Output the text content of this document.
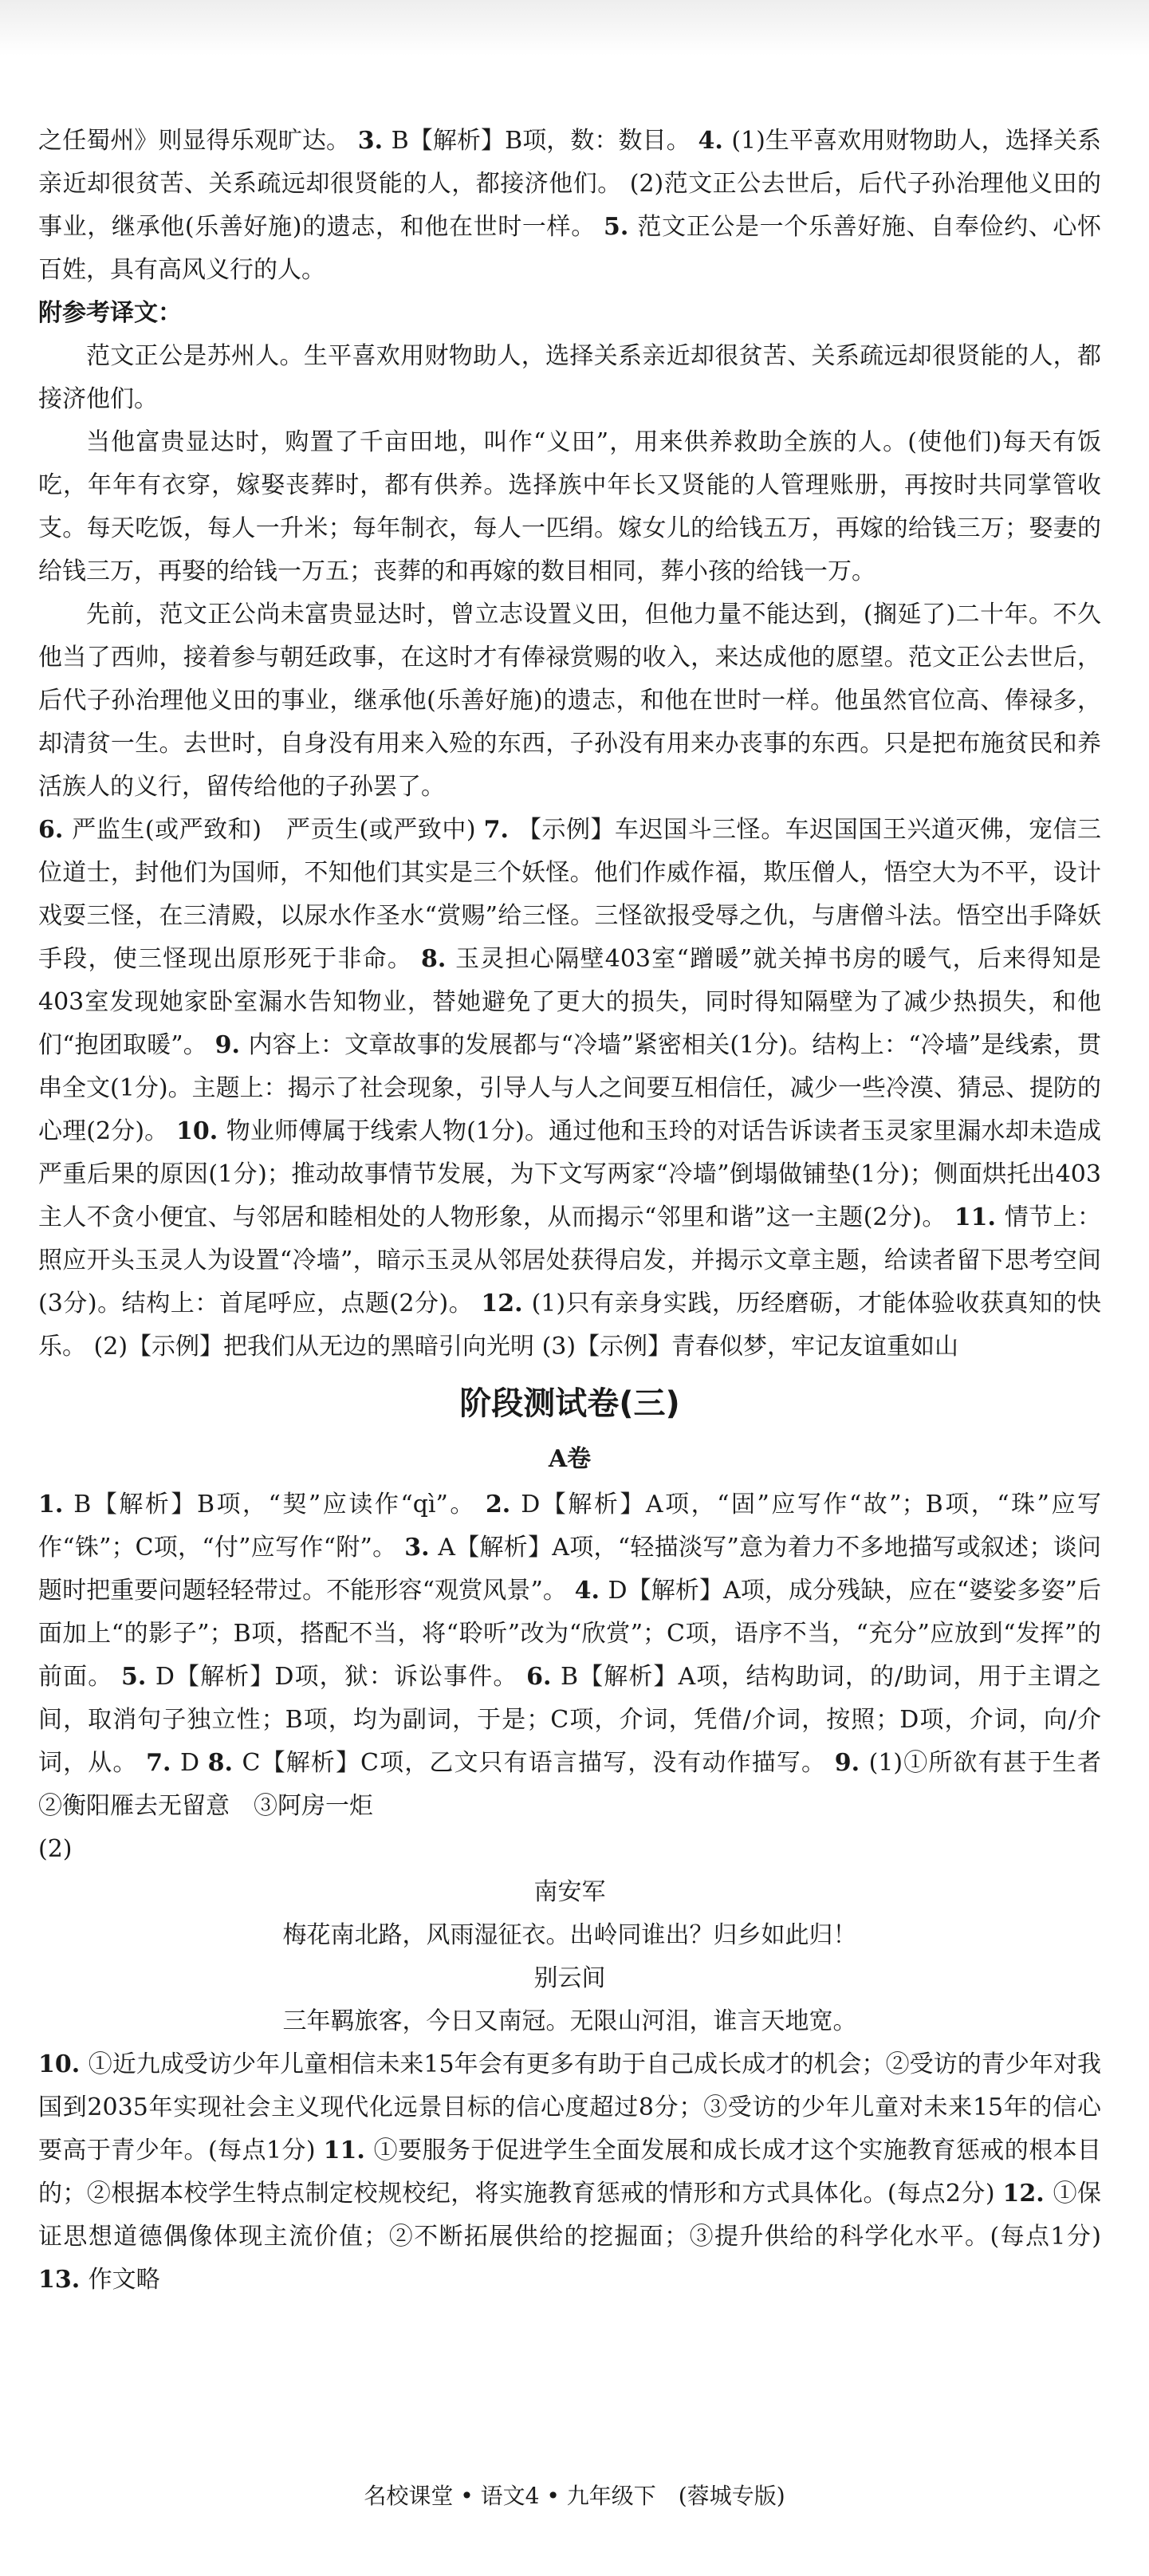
之任蜀州》则显得乐观旷达。 3. B【解析】B项，数：数目。 4. (1)生平喜欢用财物助人，选择关系亲近却很贫苦、关系疏远却很贤能的人，都接济他们。 (2)范文正公去世后，后代子孙治理他义田的事业，继承他(乐善好施)的遗志，和他在世时一样。 5. 范文正公是一个乐善好施、自奉俭约、心怀百姓，具有高风义行的人。

附参考译文：

范文正公是苏州人。生平喜欢用财物助人，选择关系亲近却很贫苦、关系疏远却很贤能的人，都接济他们。

当他富贵显达时，购置了千亩田地，叫作“义田”，用来供养救助全族的人。(使他们)每天有饭吃，年年有衣穿，嫁娶丧葬时，都有供养。选择族中年长又贤能的人管理账册，再按时共同掌管收支。每天吃饭，每人一升米；每年制衣，每人一匹绢。嫁女儿的给钱五万，再嫁的给钱三万；娶妻的给钱三万，再娶的给钱一万五；丧葬的和再嫁的数目相同，葬小孩的给钱一万。

先前，范文正公尚未富贵显达时，曾立志设置义田，但他力量不能达到，(搁延了)二十年。不久他当了西帅，接着参与朝廷政事，在这时才有俸禄赏赐的收入，来达成他的愿望。范文正公去世后，后代子孙治理他义田的事业，继承他(乐善好施)的遗志，和他在世时一样。他虽然官位高、俸禄多，却清贫一生。去世时，自身没有用来入殓的东西，子孙没有用来办丧事的东西。只是把布施贫民和养活族人的义行，留传给他的子孙罢了。

6. 严监生(或严致和)　严贡生(或严致中) 7. 【示例】车迟国斗三怪。车迟国国王兴道灭佛，宠信三位道士，封他们为国师，不知他们其实是三个妖怪。他们作威作福，欺压僧人，悟空大为不平，设计戏耍三怪，在三清殿，以尿水作圣水“赏赐”给三怪。三怪欲报受辱之仇，与唐僧斗法。悟空出手降妖手段，使三怪现出原形死于非命。 8. 玉灵担心隔壁403室“蹭暖”就关掉书房的暖气，后来得知是403室发现她家卧室漏水告知物业，替她避免了更大的损失，同时得知隔壁为了减少热损失，和他们“抱团取暖”。 9. 内容上：文章故事的发展都与“冷墙”紧密相关(1分)。结构上：“冷墙”是线索，贯串全文(1分)。主题上：揭示了社会现象，引导人与人之间要互相信任，减少一些冷漠、猜忌、提防的心理(2分)。 10. 物业师傅属于线索人物(1分)。通过他和玉玲的对话告诉读者玉灵家里漏水却未造成严重后果的原因(1分)；推动故事情节发展，为下文写两家“冷墙”倒塌做铺垫(1分)；侧面烘托出403主人不贪小便宜、与邻居和睦相处的人物形象，从而揭示“邻里和谐”这一主题(2分)。 11. 情节上：照应开头玉灵人为设置“冷墙”，暗示玉灵从邻居处获得启发，并揭示文章主题，给读者留下思考空间(3分)。结构上：首尾呼应，点题(2分)。 12. (1)只有亲身实践，历经磨砺，才能体验收获真知的快乐。 (2)【示例】把我们从无边的黑暗引向光明 (3)【示例】青春似梦，牢记友谊重如山

阶段测试卷(三)
A卷

1. B【解析】B项，“契”应读作“qì”。 2. D【解析】A项，“固”应写作“故”；B项，“珠”应写作“铢”；C项，“付”应写作“附”。 3. A【解析】A项，“轻描淡写”意为着力不多地描写或叙述；谈问题时把重要问题轻轻带过。不能形容“观赏风景”。 4. D【解析】A项，成分残缺，应在“婆娑多姿”后面加上“的影子”；B项，搭配不当，将“聆听”改为“欣赏”；C项，语序不当，“充分”应放到“发挥”的前面。 5. D【解析】D项，狱：诉讼事件。 6. B【解析】A项，结构助词，的/助词，用于主谓之间，取消句子独立性；B项，均为副词，于是；C项，介词，凭借/介词，按照；D项，介词，向/介词，从。 7. D 8. C【解析】C项，乙文只有语言描写，没有动作描写。 9. (1)①所欲有甚于生者　②衡阳雁去无留意　③阿房一炬

(2)

南安军

梅花南北路，风雨湿征衣。出岭同谁出？归乡如此归！

别云间

三年羁旅客，今日又南冠。无限山河泪，谁言天地宽。

10. ①近九成受访少年儿童相信未来15年会有更多有助于自己成长成才的机会；②受访的青少年对我国到2035年实现社会主义现代化远景目标的信心度超过8分；③受访的少年儿童对未来15年的信心要高于青少年。(每点1分) 11. ①要服务于促进学生全面发展和成长成才这个实施教育惩戒的根本目的；②根据本校学生特点制定校规校纪，将实施教育惩戒的情形和方式具体化。(每点2分) 12. ①保证思想道德偶像体现主流价值；②不断拓展供给的挖掘面；③提升供给的科学化水平。(每点1分) 13. 作文略

名校课堂 • 语文4 • 九年级下　(蓉城专版)
